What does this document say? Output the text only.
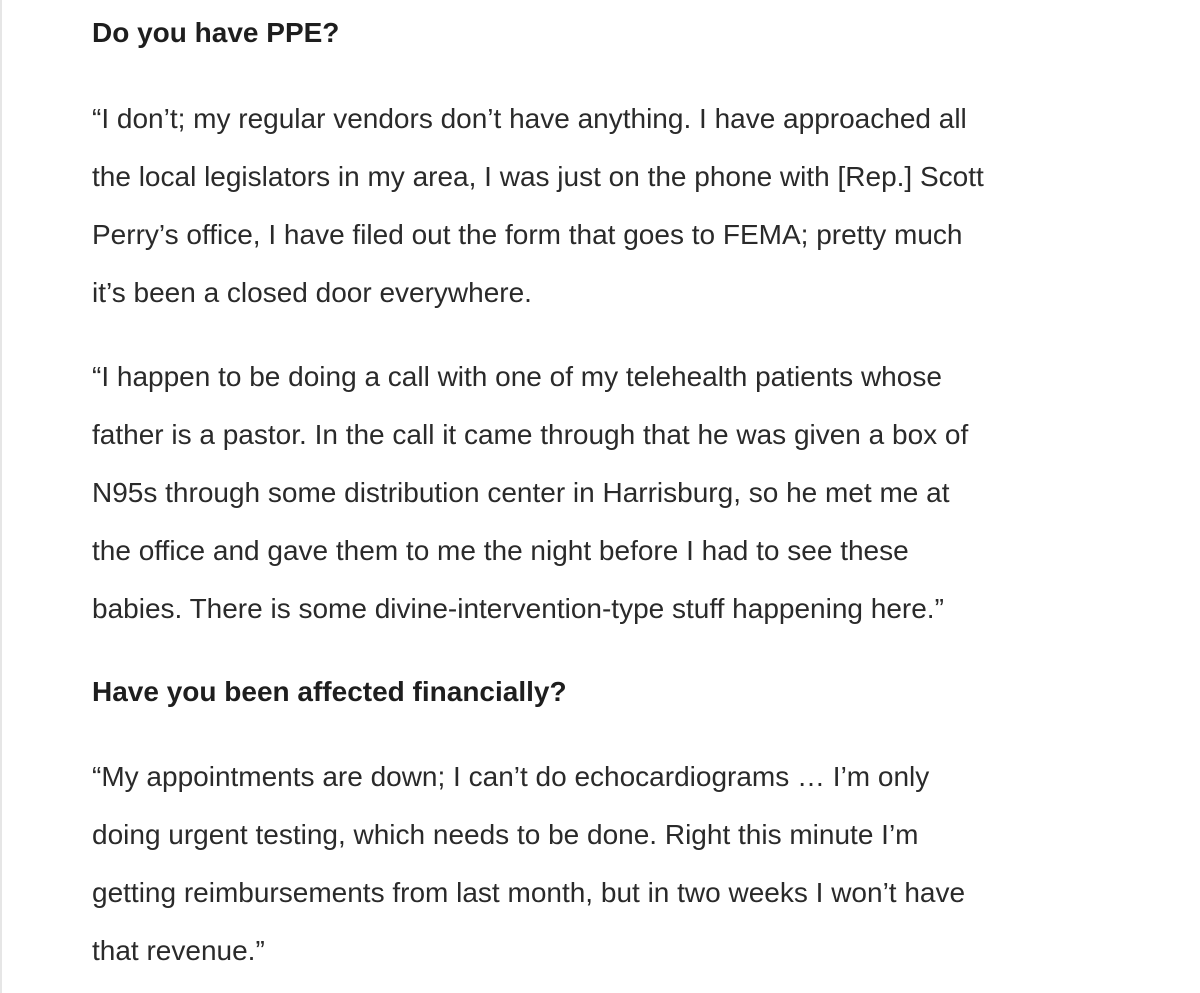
Do you have PPE?

“I don’t; my regular vendors don’t have anything. I have approached all
the local legislators in my area, I was just on the phone with [Rep.] Scott
Perry’s office, I have filed out the form that goes to FEMA; pretty much
it’s been a closed door everywhere.

“I happen to be doing a call with one of my telehealth patients whose
father is a pastor. In the call it came through that he was given a box of
N95s through some distribution center in Harrisburg, so he met me at
the office and gave them to me the night before I had to see these
babies. There is some divine-intervention-type stuff happening here.”

Have you been affected financially?

“My appointments are down; I can’t do echocardiograms … I’m only
doing urgent testing, which needs to be done. Right this minute I’m
getting reimbursements from last month, but in two weeks I won’t have
that revenue.”
